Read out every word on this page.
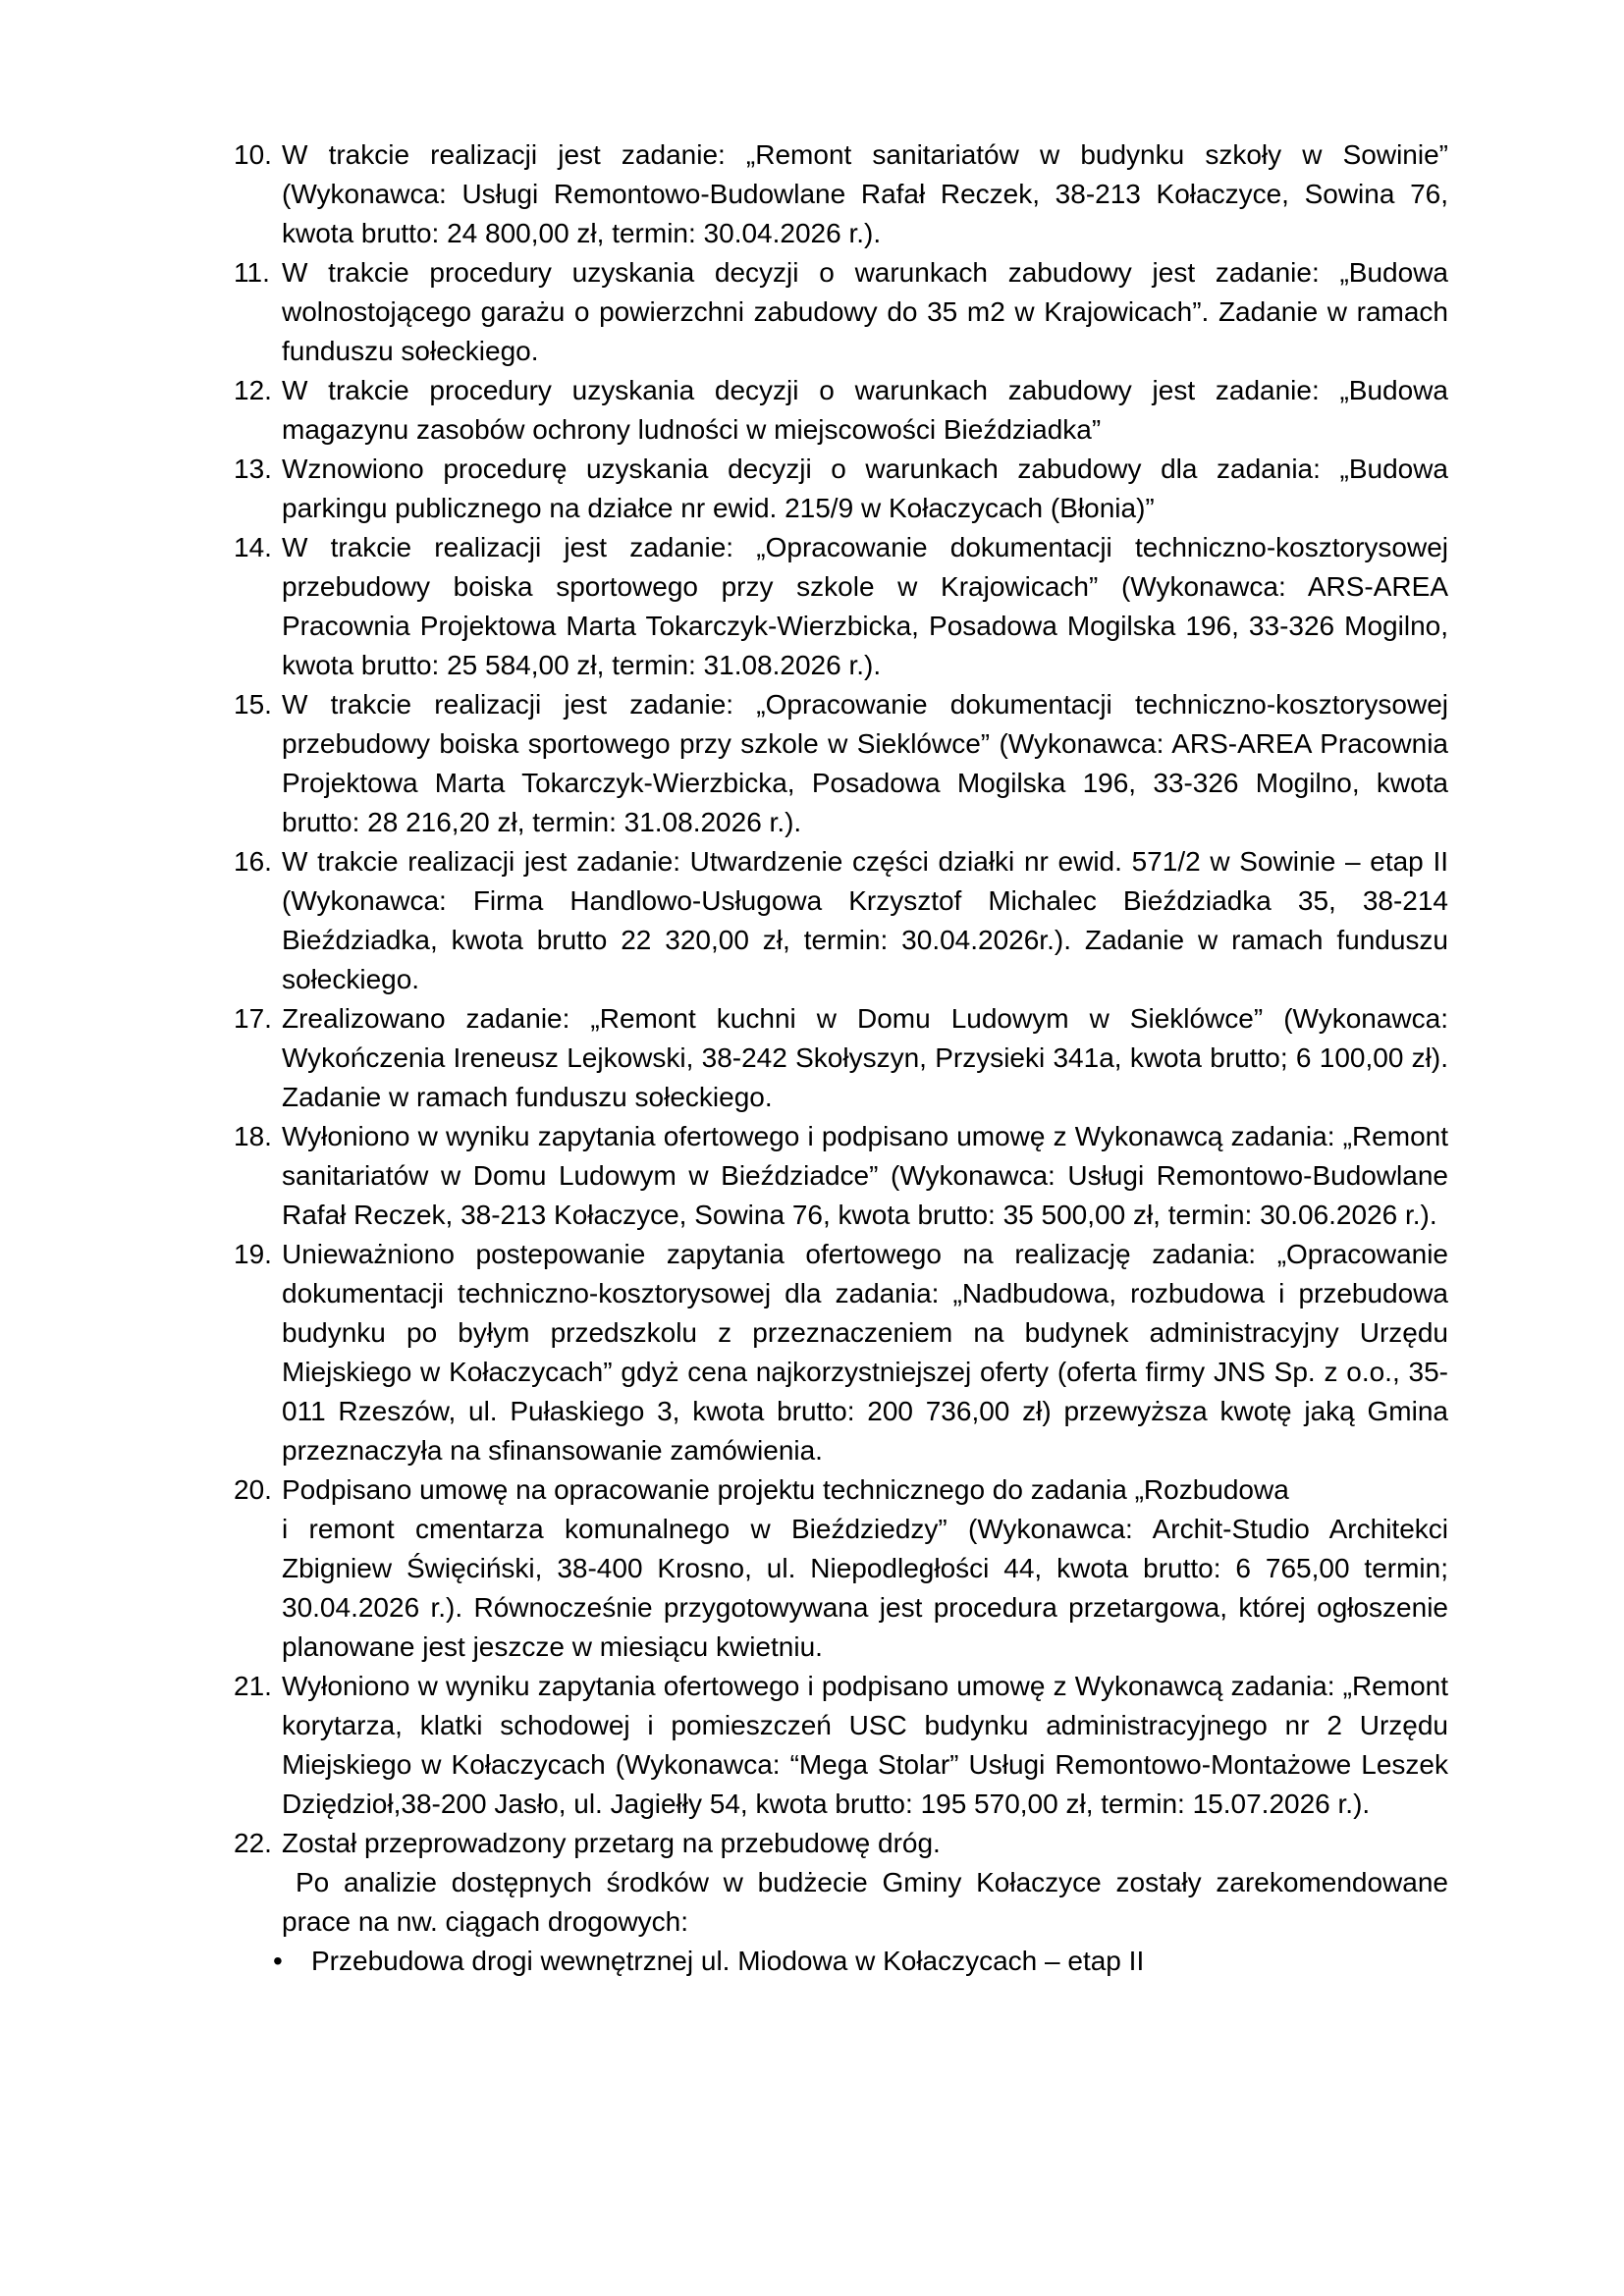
10. W trakcie realizacji jest zadanie: „Remont sanitariatów w budynku szkoły w Sowinie” (Wykonawca: Usługi Remontowo-Budowlane Rafał Reczek, 38-213 Kołaczyce, Sowina 76, kwota brutto: 24 800,00 zł, termin: 30.04.2026 r.).
11. W trakcie procedury uzyskania decyzji o warunkach zabudowy jest zadanie: „Budowa wolnostojącego garażu o powierzchni zabudowy do 35 m2 w Krajowicach”. Zadanie w ramach funduszu sołeckiego.
12. W trakcie procedury uzyskania decyzji o warunkach zabudowy jest zadanie: „Budowa magazynu zasobów ochrony ludności w miejscowości Bieździadka”
13. Wznowiono procedurę uzyskania decyzji o warunkach zabudowy dla zadania: „Budowa parkingu publicznego na działce nr ewid. 215/9 w Kołaczycach (Błonia)”
14. W trakcie realizacji jest zadanie: „Opracowanie dokumentacji techniczno-kosztorysowej przebudowy boiska sportowego przy szkole w Krajowicach” (Wykonawca: ARS-AREA Pracownia Projektowa Marta Tokarczyk-Wierzbicka, Posadowa Mogilska 196, 33-326 Mogilno, kwota brutto: 25 584,00 zł, termin: 31.08.2026 r.).
15. W trakcie realizacji jest zadanie: „Opracowanie dokumentacji techniczno-kosztorysowej przebudowy boiska sportowego przy szkole w Sieklówce” (Wykonawca: ARS-AREA Pracownia Projektowa Marta Tokarczyk-Wierzbicka, Posadowa Mogilska 196, 33-326 Mogilno, kwota brutto: 28 216,20 zł, termin: 31.08.2026 r.).
16. W trakcie realizacji jest zadanie: Utwardzenie części działki nr ewid. 571/2 w Sowinie – etap II (Wykonawca: Firma Handlowo-Usługowa Krzysztof Michalec Bieździadka 35, 38-214 Bieździadka, kwota brutto 22 320,00 zł, termin: 30.04.2026r.). Zadanie w ramach funduszu sołeckiego.
17. Zrealizowano zadanie: „Remont kuchni w Domu Ludowym w Sieklówce” (Wykonawca: Wykończenia Ireneusz Lejkowski, 38-242 Skołyszyn, Przysieki 341a, kwota brutto; 6 100,00 zł). Zadanie w ramach funduszu sołeckiego.
18. Wyłoniono w wyniku zapytania ofertowego i podpisano umowę z Wykonawcą zadania: „Remont sanitariatów w Domu Ludowym w Bieździadce” (Wykonawca: Usługi Remontowo-Budowlane Rafał Reczek, 38-213 Kołaczyce, Sowina 76, kwota brutto: 35 500,00 zł, termin: 30.06.2026 r.).
19. Unieważniono postepowanie zapytania ofertowego na realizację zadania: „Opracowanie dokumentacji techniczno-kosztorysowej dla zadania: „Nadbudowa, rozbudowa i przebudowa budynku po byłym przedszkolu z przeznaczeniem na budynek administracyjny Urzędu Miejskiego w Kołaczycach” gdyż cena najkorzystniejszej oferty (oferta firmy JNS Sp. z o.o., 35-011 Rzeszów, ul. Pułaskiego 3, kwota brutto: 200 736,00 zł) przewyższa kwotę jaką Gmina przeznaczyła na sfinansowanie zamówienia.
20. Podpisano umowę na opracowanie projektu technicznego do zadania „Rozbudowa
i remont cmentarza komunalnego w Bieździedzy” (Wykonawca: Archit-Studio Architekci Zbigniew Święciński, 38-400 Krosno, ul. Niepodległości 44, kwota brutto: 6 765,00 termin; 30.04.2026 r.). Równocześnie przygotowywana jest procedura przetargowa, której ogłoszenie planowane jest jeszcze w miesiącu kwietniu.
21. Wyłoniono w wyniku zapytania ofertowego i podpisano umowę z Wykonawcą zadania: „Remont korytarza, klatki schodowej i pomieszczeń USC budynku administracyjnego nr 2 Urzędu Miejskiego w Kołaczycach (Wykonawca: “Mega Stolar” Usługi Remontowo-Montażowe Leszek Dziędzioł,38-200 Jasło, ul. Jagiełły 54, kwota brutto: 195 570,00 zł, termin: 15.07.2026 r.).
22. Został przeprowadzony przetarg na przebudowę dróg.
Po analizie dostępnych środków w budżecie Gminy Kołaczyce zostały zarekomendowane prace na nw. ciągach drogowych:
• Przebudowa drogi wewnętrznej ul. Miodowa w Kołaczycach – etap II
